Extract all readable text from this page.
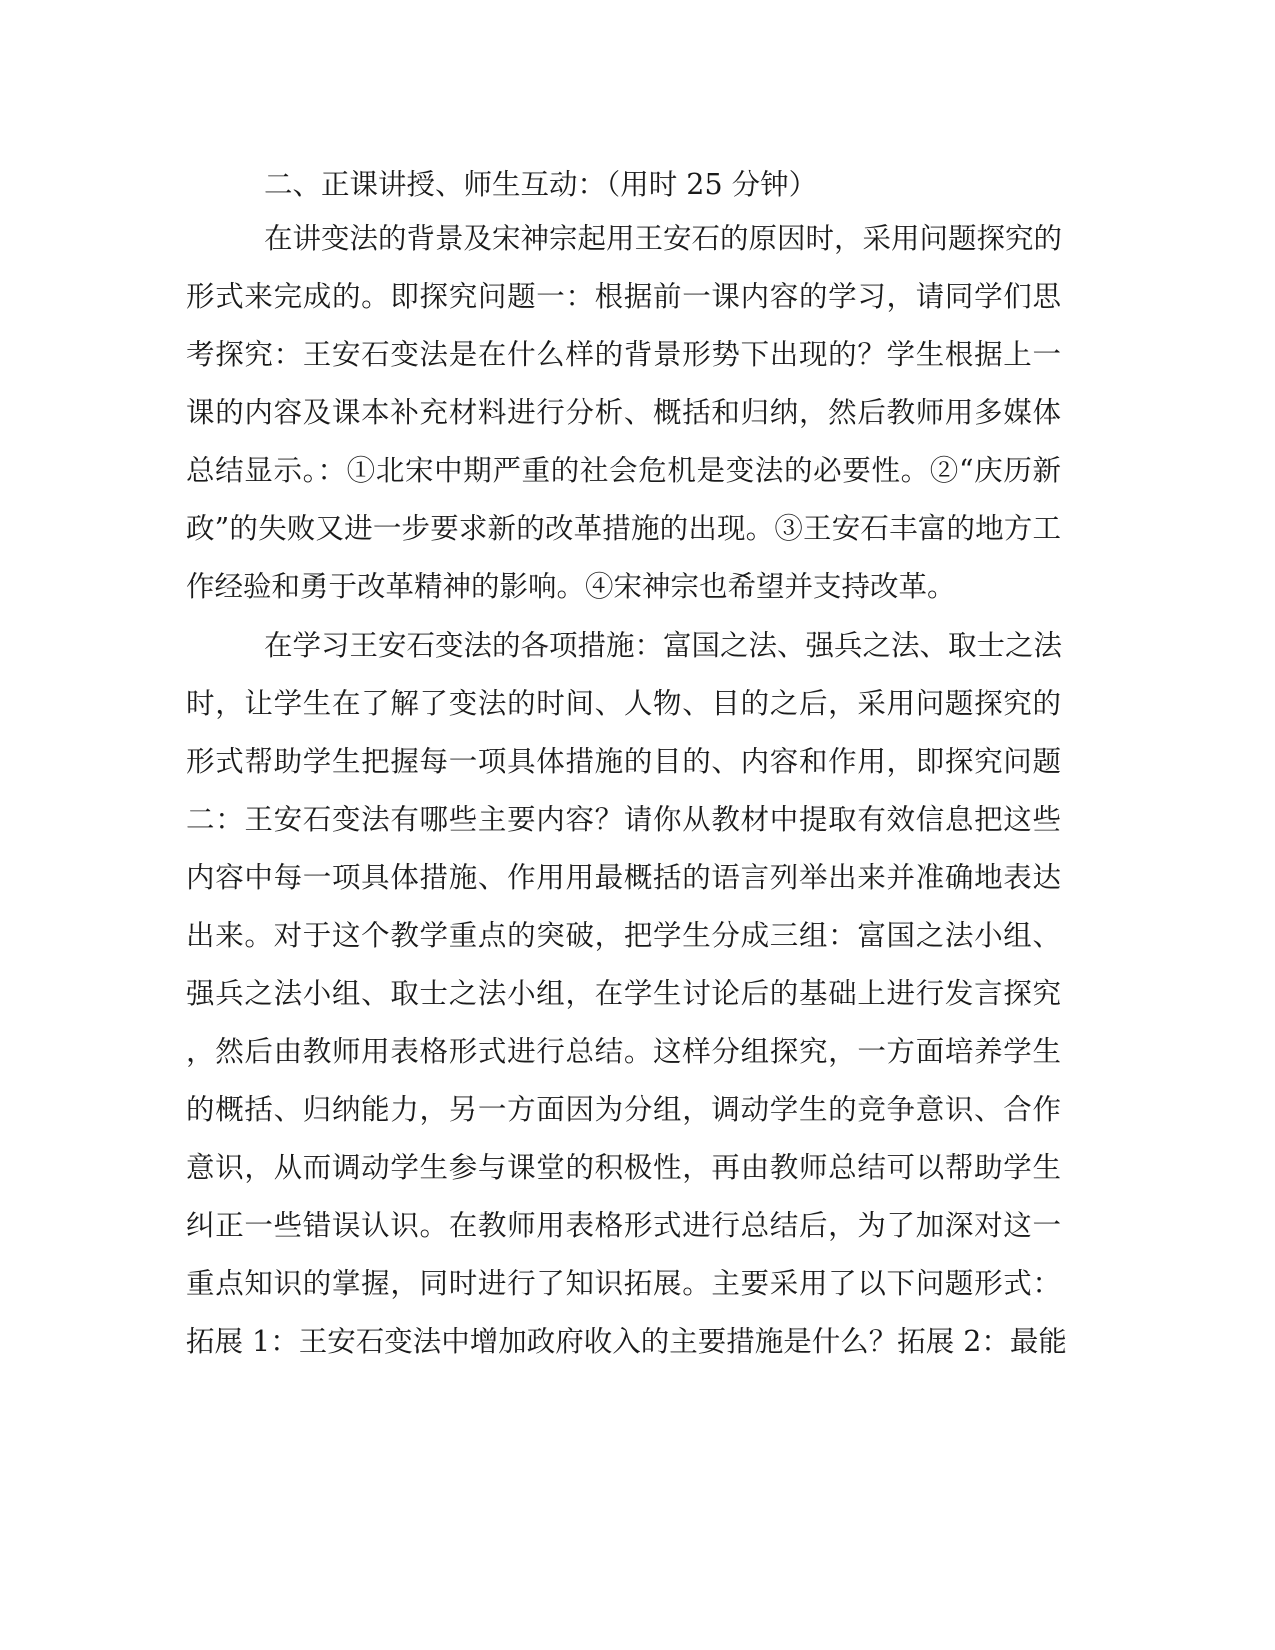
二、正课讲授、师生互动：（用时 25 分钟）
在讲变法的背景及宋神宗起用王安石的原因时，采用问题探究的
形式来完成的。即探究问题一：根据前一课内容的学习，请同学们思
考探究：王安石变法是在什么样的背景形势下出现的？学生根据上一
课的内容及课本补充材料进行分析、概括和归纳，然后教师用多媒体
总结显示。：①北宋中期严重的社会危机是变法的必要性。②“庆历新
政”的失败又进一步要求新的改革措施的出现。③王安石丰富的地方工
作经验和勇于改革精神的影响。④宋神宗也希望并支持改革。
在学习王安石变法的各项措施：富国之法、强兵之法、取士之法
时，让学生在了解了变法的时间、人物、目的之后，采用问题探究的
形式帮助学生把握每一项具体措施的目的、内容和作用，即探究问题
二：王安石变法有哪些主要内容？请你从教材中提取有效信息把这些
内容中每一项具体措施、作用用最概括的语言列举出来并准确地表达
出来。对于这个教学重点的突破，把学生分成三组：富国之法小组、
强兵之法小组、取士之法小组，在学生讨论后的基础上进行发言探究
，然后由教师用表格形式进行总结。这样分组探究，一方面培养学生
的概括、归纳能力，另一方面因为分组，调动学生的竞争意识、合作
意识，从而调动学生参与课堂的积极性，再由教师总结可以帮助学生
纠正一些错误认识。在教师用表格形式进行总结后，为了加深对这一
重点知识的掌握，同时进行了知识拓展。主要采用了以下问题形式：
拓展 1：王安石变法中增加政府收入的主要措施是什么？拓展 2：最能
